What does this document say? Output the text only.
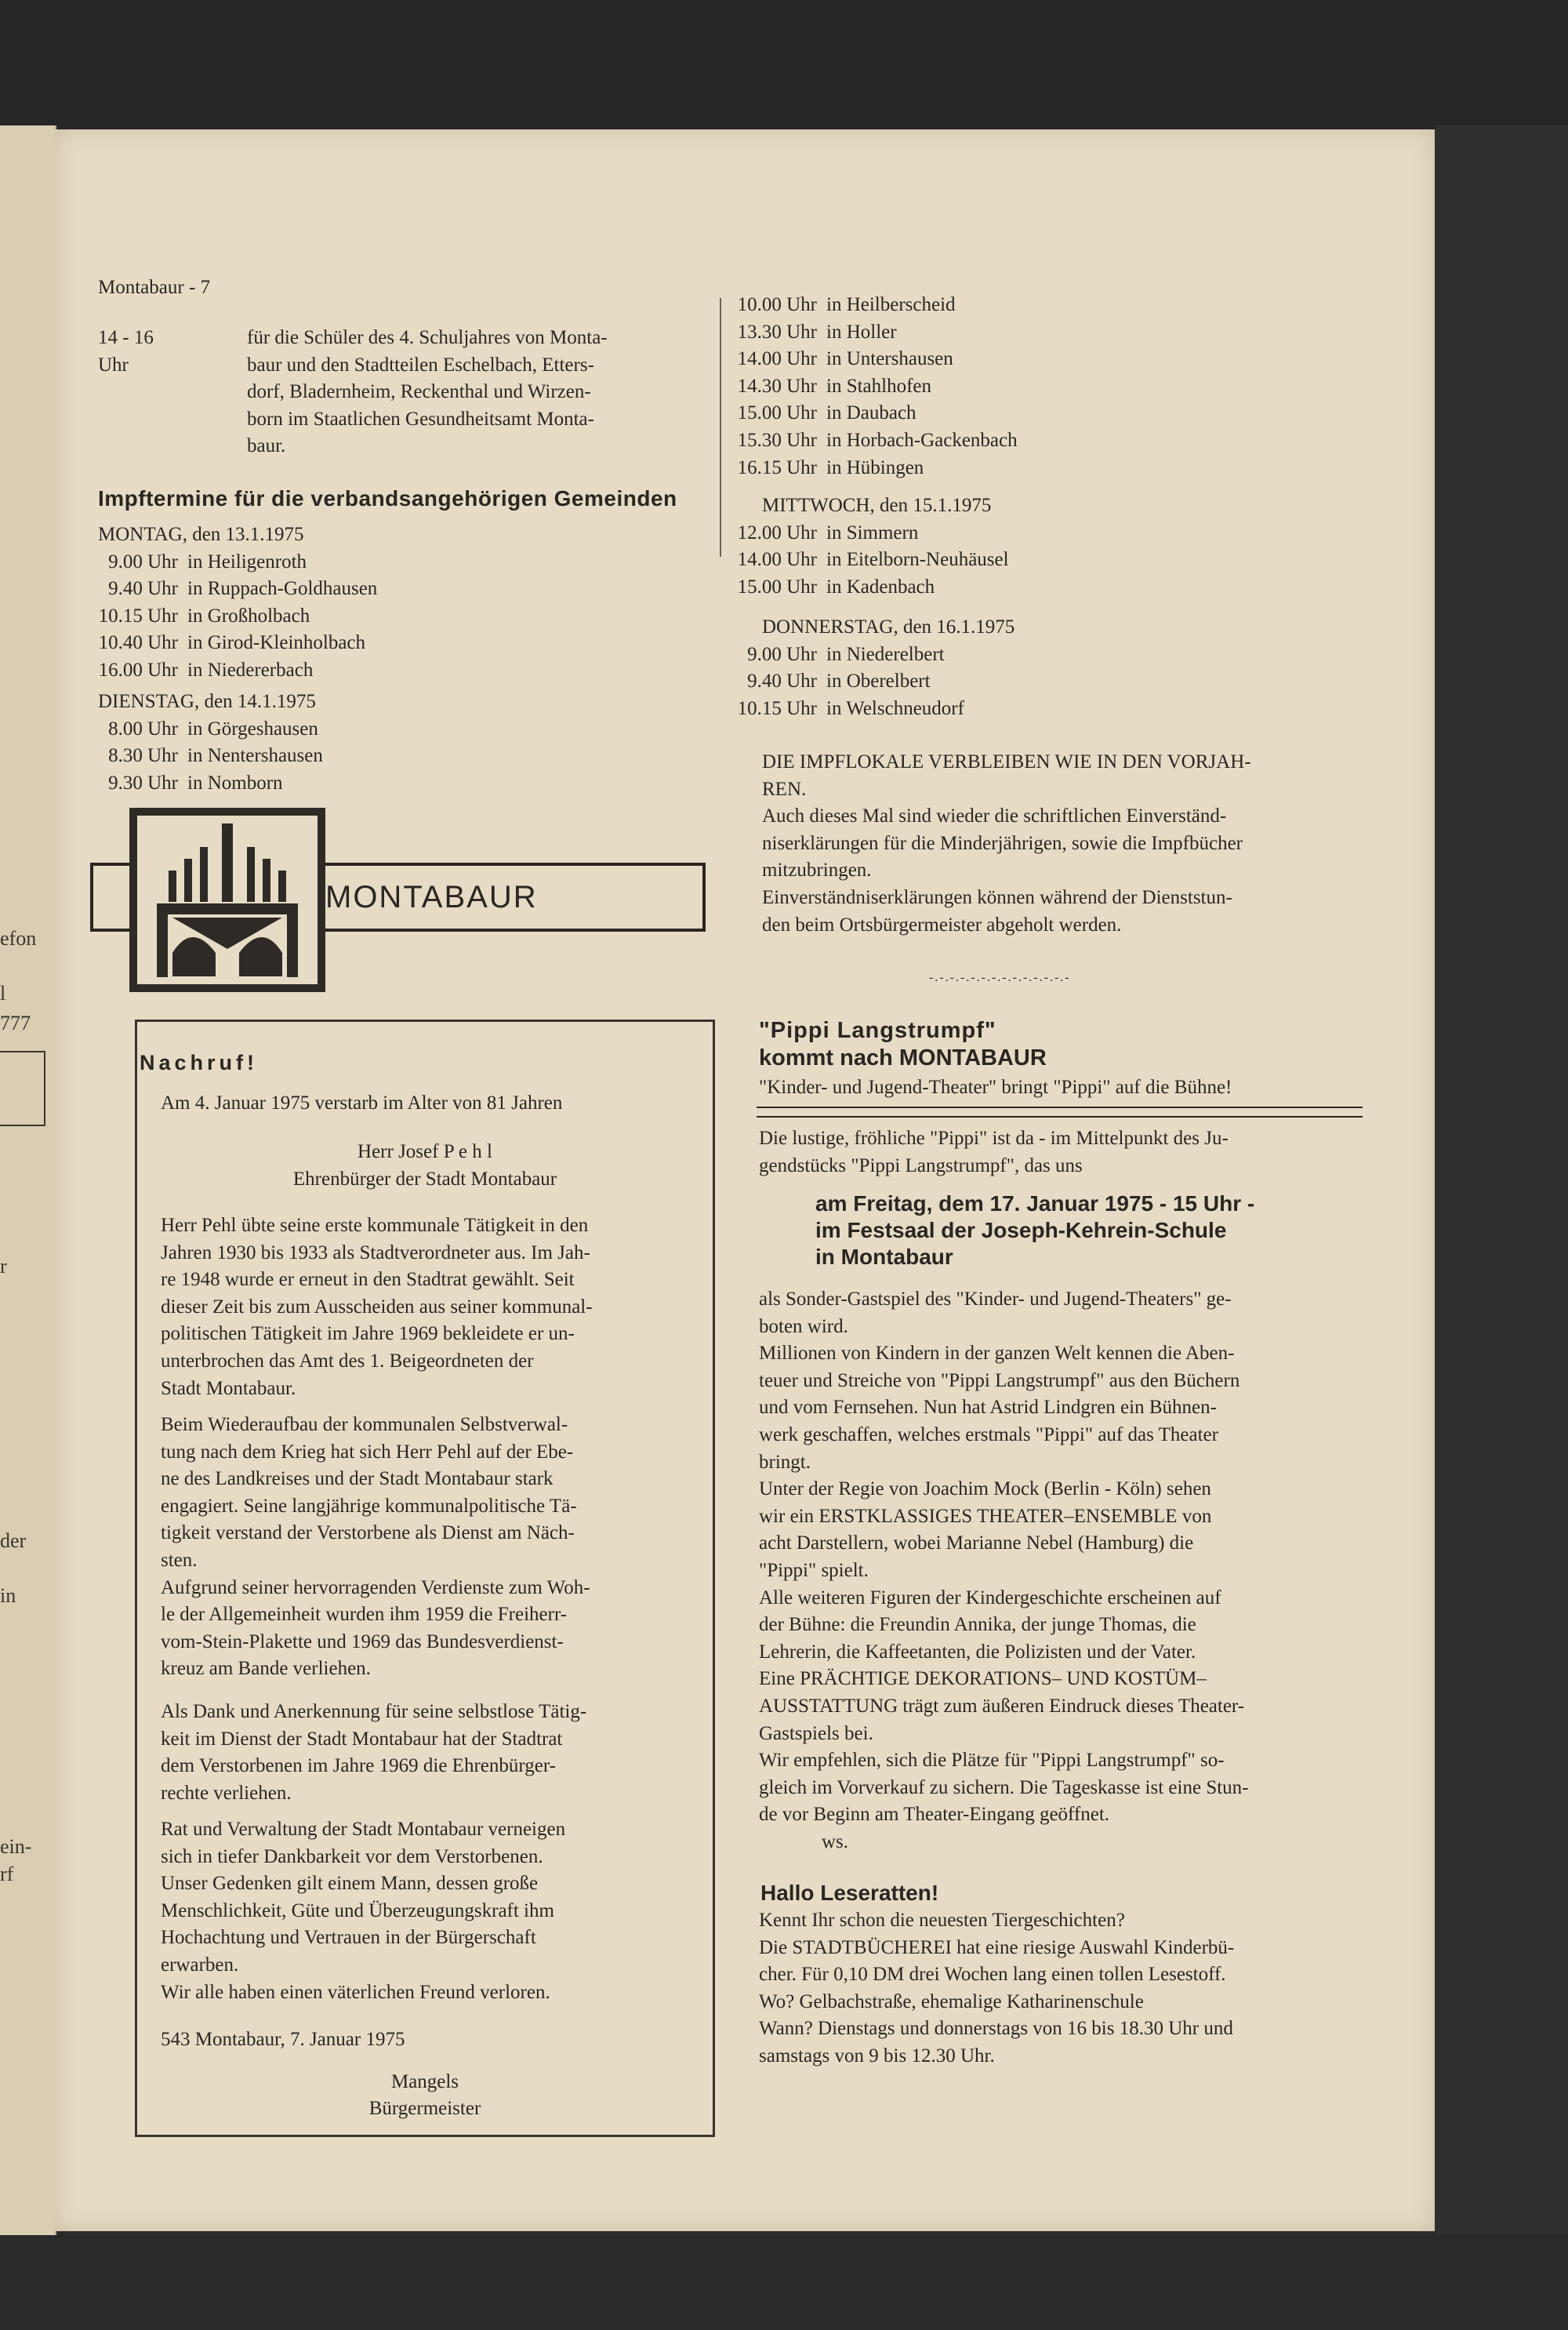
efon
l
777
r
der
in
ein-
rf
Montabaur - 7
14 - 16 Uhr
für die Schüler des 4. Schuljahres von Monta-
baur und den Stadtteilen Eschelbach, Etters-
dorf, Bladernheim, Reckenthal und Wirzen-
born im Staatlichen Gesundheitsamt Monta-
baur.
Impftermine für die verbandsangehörigen Gemeinden
MONTAG, den 13.1.1975
9.00 Uhr in Heiligenroth
9.40 Uhr in Ruppach-Goldhausen
10.15 Uhr in Großholbach
10.40 Uhr in Girod-Kleinholbach
16.00 Uhr in Niedererbach
DIENSTAG, den 14.1.1975
8.00 Uhr in Görgeshausen
8.30 Uhr in Nentershausen
9.30 Uhr in Nomborn
MONTABAUR
Nachruf!
Am 4. Januar 1975 verstarb im Alter von 81 Jahren
Herr Josef P e h l
Ehrenbürger der Stadt Montabaur
Herr Pehl übte seine erste kommunale Tätigkeit in den
Jahren 1930 bis 1933 als Stadtverordneter aus. Im Jah-
re 1948 wurde er erneut in den Stadtrat gewählt. Seit
dieser Zeit bis zum Ausscheiden aus seiner kommunal-
politischen Tätigkeit im Jahre 1969 bekleidete er un-
unterbrochen das Amt des 1. Beigeordneten der
Stadt Montabaur.
Beim Wiederaufbau der kommunalen Selbstverwal-
tung nach dem Krieg hat sich Herr Pehl auf der Ebe-
ne des Landkreises und der Stadt Montabaur stark
engagiert. Seine langjährige kommunalpolitische Tä-
tigkeit verstand der Verstorbene als Dienst am Näch-
sten.
Aufgrund seiner hervorragenden Verdienste zum Woh-
le der Allgemeinheit wurden ihm 1959 die Freiherr-
vom-Stein-Plakette und 1969 das Bundesverdienst-
kreuz am Bande verliehen.
Als Dank und Anerkennung für seine selbstlose Tätig-
keit im Dienst der Stadt Montabaur hat der Stadtrat
dem Verstorbenen im Jahre 1969 die Ehrenbürger-
rechte verliehen.
Rat und Verwaltung der Stadt Montabaur verneigen
sich in tiefer Dankbarkeit vor dem Verstorbenen.
Unser Gedenken gilt einem Mann, dessen große
Menschlichkeit, Güte und Überzeugungskraft ihm
Hochachtung und Vertrauen in der Bürgerschaft
erwarben.
Wir alle haben einen väterlichen Freund verloren.
543 Montabaur, 7. Januar 1975
Mangels
Bürgermeister
10.00 Uhr in Heilberscheid
13.30 Uhr in Holler
14.00 Uhr in Untershausen
14.30 Uhr in Stahlhofen
15.00 Uhr in Daubach
15.30 Uhr in Horbach-Gackenbach
16.15 Uhr in Hübingen
MITTWOCH, den 15.1.1975
12.00 Uhr in Simmern
14.00 Uhr in Eitelborn-Neuhäusel
15.00 Uhr in Kadenbach
DONNERSTAG, den 16.1.1975
9.00 Uhr in Niederelbert
9.40 Uhr in Oberelbert
10.15 Uhr in Welschneudorf
DIE IMPFLOKALE VERBLEIBEN WIE IN DEN VORJAH-
REN.
Auch dieses Mal sind wieder die schriftlichen Einverständ-
niserklärungen für die Minderjährigen, sowie die Impfbücher
mitzubringen.
Einverständniserklärungen können während der Dienststun-
den beim Ortsbürgermeister abgeholt werden.
-.-.-.-.-.-.-.-.-.-.-.-.-.-
"Pippi Langstrumpf"
kommt nach MONTABAUR
"Kinder- und Jugend-Theater" bringt "Pippi" auf die Bühne!
Die lustige, fröhliche "Pippi" ist da - im Mittelpunkt des Ju-
gendstücks "Pippi Langstrumpf", das uns
am Freitag, dem 17. Januar 1975 - 15 Uhr -
im Festsaal der Joseph-Kehrein-Schule
in Montabaur
als Sonder-Gastspiel des "Kinder- und Jugend-Theaters" ge-
boten wird.
Millionen von Kindern in der ganzen Welt kennen die Aben-
teuer und Streiche von "Pippi Langstrumpf" aus den Büchern
und vom Fernsehen. Nun hat Astrid Lindgren ein Bühnen-
werk geschaffen, welches erstmals "Pippi" auf das Theater
bringt.
Unter der Regie von Joachim Mock (Berlin - Köln) sehen
wir ein ERSTKLASSIGES THEATER–ENSEMBLE von
acht Darstellern, wobei Marianne Nebel (Hamburg) die
"Pippi" spielt.
Alle weiteren Figuren der Kindergeschichte erscheinen auf
der Bühne: die Freundin Annika, der junge Thomas, die
Lehrerin, die Kaffeetanten, die Polizisten und der Vater.
Eine PRÄCHTIGE DEKORATIONS– UND KOSTÜM–
AUSSTATTUNG trägt zum äußeren Eindruck dieses Theater-
Gastspiels bei.
Wir empfehlen, sich die Plätze für "Pippi Langstrumpf" so-
gleich im Vorverkauf zu sichern. Die Tageskasse ist eine Stun-
de vor Beginn am Theater-Eingang geöffnet.
ws.
Hallo Leseratten!
Kennt Ihr schon die neuesten Tiergeschichten?
Die STADTBÜCHEREI hat eine riesige Auswahl Kinderbü-
cher. Für 0,10 DM drei Wochen lang einen tollen Lesestoff.
Wo? Gelbachstraße, ehemalige Katharinenschule
Wann? Dienstags und donnerstags von 16 bis 18.30 Uhr und
samstags von 9 bis 12.30 Uhr.
